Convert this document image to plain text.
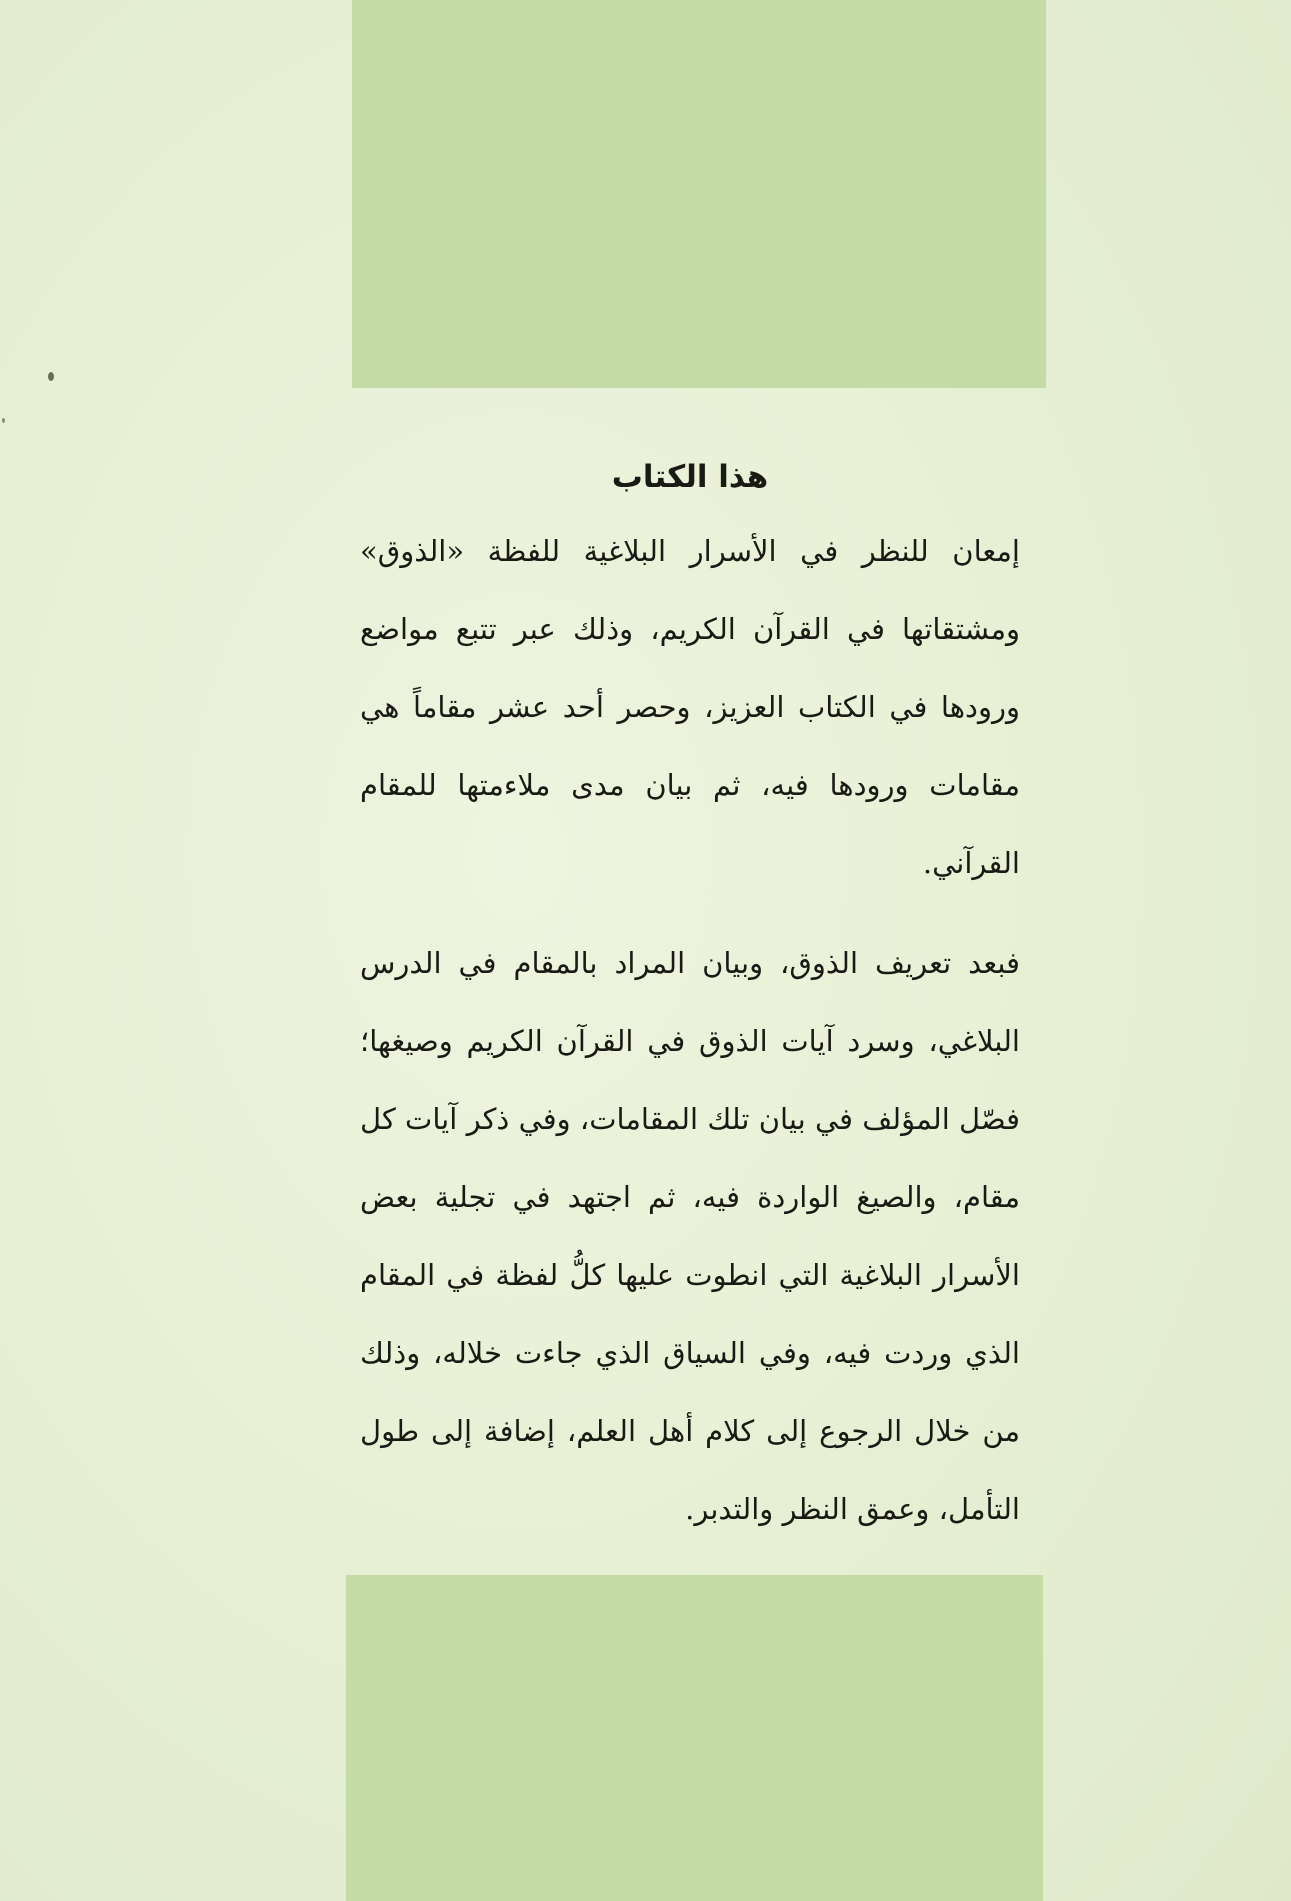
هذا الكتاب

إمعان للنظر في الأسرار البلاغية للفظة «الذوق» ومشتقاتها في القرآن الكريم، وذلك عبر تتبع مواضع ورودها في الكتاب العزيز، وحصر أحد عشر مقاماً هي مقامات ورودها فيه، ثم بيان مدى ملاءمتها للمقام القرآني.

فبعد تعريف الذوق، وبيان المراد بالمقام في الدرس البلاغي، وسرد آيات الذوق في القرآن الكريم وصيغها؛ فصّل المؤلف في بيان تلك المقامات، وفي ذكر آيات كل مقام، والصيغ الواردة فيه، ثم اجتهد في تجلية بعض الأسرار البلاغية التي انطوت عليها كلُّ لفظة في المقام الذي وردت فيه، وفي السياق الذي جاءت خلاله، وذلك من خلال الرجوع إلى كلام أهل العلم، إضافة إلى طول التأمل، وعمق النظر والتدبر.
